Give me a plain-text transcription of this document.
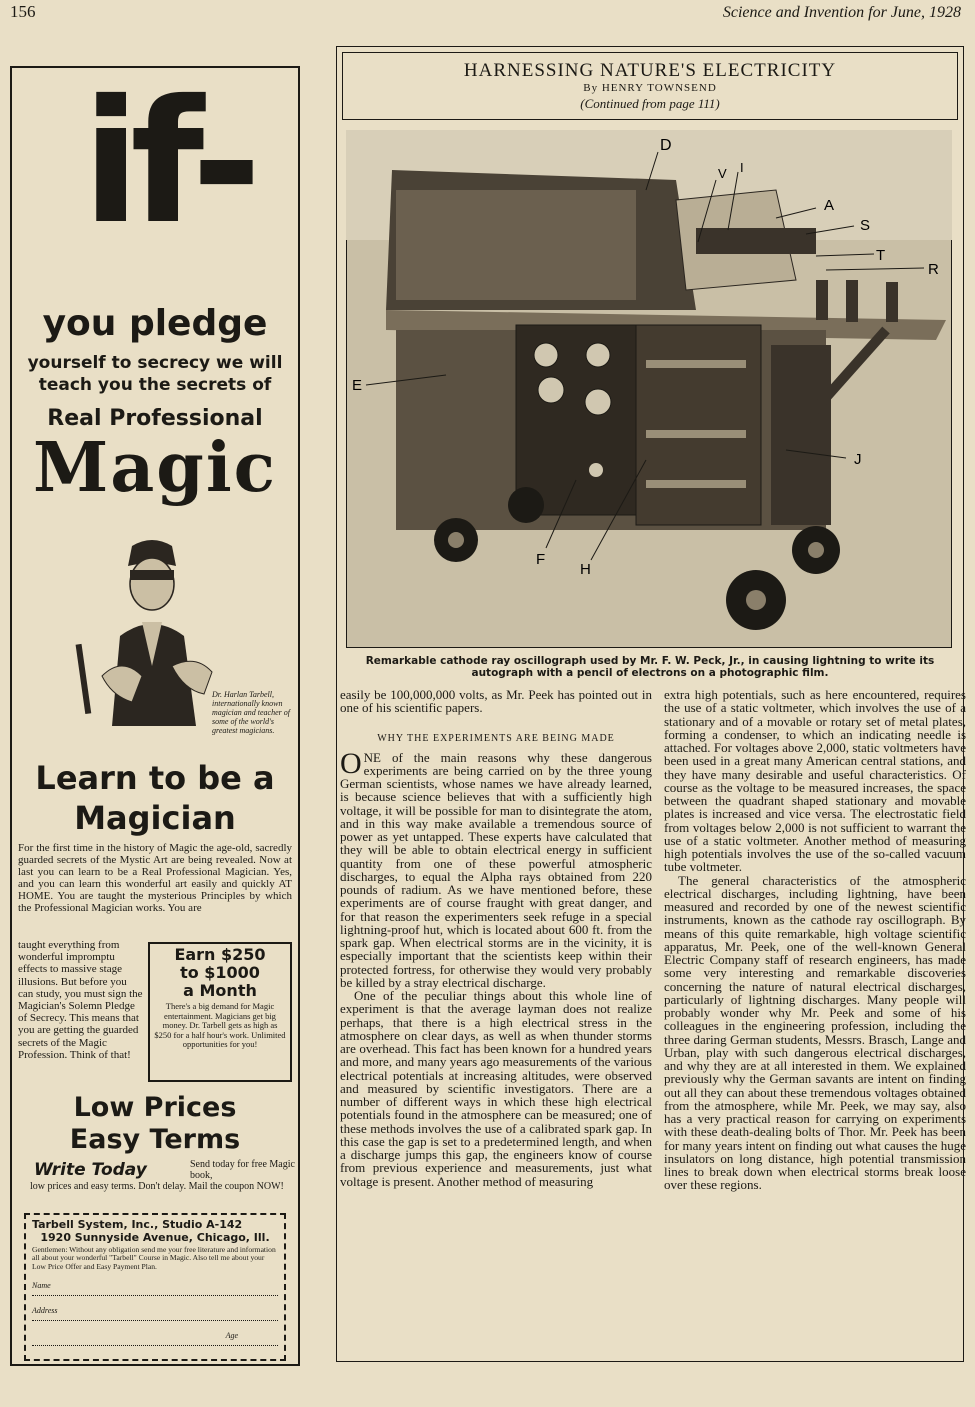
156	Science and Invention for June, 1928
if-
you pledge
yourself to secrecy we will
teach you the secrets of
Real Professional
Magic
Dr. Harlan Tarbell, internationally known magician and teacher of some of the world's greatest magicians.
Learn to be a
Magician
For the first time in the history of Magic the age-old, sacredly guarded secrets of the Mystic Art are being revealed. Now at last you can learn to be a Real Professional Magician. Yes, and you can learn this wonderful art easily and quickly AT HOME. You are taught the mysterious Principles by which the Professional Magician works. You are
taught everything from wonderful impromptu effects to massive stage illusions. But before you can study, you must sign the Magician's Solemn Pledge of Secrecy. This means that you are getting the guarded secrets of the Magic Profession. Think of that!
Earn $250
to $1000
a Month
There's a big demand for Magic entertainment. Magicians get big money. Dr. Tarbell gets as high as $250 for a half hour's work. Unlimited opportunities for you!
Low Prices
Easy Terms
Write Today	Send today for free Magic book,
low prices and easy terms. Don't delay. Mail the coupon NOW!
Tarbell System, Inc., Studio A-142
1920 Sunnyside Avenue, Chicago, Ill.
Gentlemen: Without any obligation send me your free literature and information all about your wonderful "Tarbell" Course in Magic. Also tell me about your Low Price Offer and Easy Payment Plan.
Name
Address
Age
HARNESSING NATURE'S ELECTRICITY
By HENRY TOWNSEND
(Continued from page 111)
D
V I
A
S
T
R
E
J
F
H
Remarkable cathode ray oscillograph used by Mr. F. W. Peck, Jr., in causing lightning to write its autograph with a pencil of electrons on a photographic film.

easily be 100,000,000 volts, as Mr. Peek has pointed out in one of his scientific papers.

WHY THE EXPERIMENTS ARE BEING MADE

ONE of the main reasons why these dangerous experiments are being carried on by the three young German scientists, whose names we have already learned, is because science believes that with a sufficiently high voltage, it will be possible for man to disintegrate the atom, and in this way make available a tremendous source of power as yet untapped. These experts have calculated that they will be able to obtain electrical energy in sufficient quantity from one of these powerful atmospheric discharges, to equal the Alpha rays obtained from 220 pounds of radium. As we have mentioned before, these experiments are of course fraught with great danger, and for that reason the experimenters seek refuge in a special lightning-proof hut, which is located about 600 ft. from the spark gap. When electrical storms are in the vicinity, it is especially important that the scientists keep within their protected fortress, for otherwise they would very probably be killed by a stray electrical discharge.

One of the peculiar things about this whole line of experiment is that the average layman does not realize perhaps, that there is a high electrical stress in the atmosphere on clear days, as well as when thunder storms are overhead. This fact has been known for a hundred years and more, and many years ago measurements of the various electrical potentials at increasing altitudes, were observed and measured by scientific investigators. There are a number of different ways in which these high electrical potentials found in the atmosphere can be measured; one of these methods involves the use of a calibrated spark gap. In this case the gap is set to a predetermined length, and when a discharge jumps this gap, the engineers know of course from previous experience and measurements, just what voltage is present. Another method of measuring

extra high potentials, such as here encountered, requires the use of a static voltmeter, which involves the use of a stationary and of a movable or rotary set of metal plates, forming a condenser, to which an indicating needle is attached. For voltages above 2,000, static voltmeters have been used in a great many American central stations, and they have many desirable and useful characteristics. Of course as the voltage to be measured increases, the space between the quadrant shaped stationary and movable plates is increased and vice versa. The electrostatic field from voltages below 2,000 is not sufficient to warrant the use of a static voltmeter. Another method of measuring high potentials involves the use of the so-called vacuum tube voltmeter.

The general characteristics of the atmospheric electrical discharges, including lightning, have been measured and recorded by one of the newest scientific instruments, known as the cathode ray oscillograph. By means of this quite remarkable, high voltage scientific apparatus, Mr. Peek, one of the well-known General Electric Company staff of research engineers, has made some very interesting and remarkable discoveries concerning the nature of natural electrical discharges, particularly of lightning discharges. Many people will probably wonder why Mr. Peek and some of his colleagues in the engineering profession, including the three daring German students, Messrs. Brasch, Lange and Urban, play with such dangerous electrical discharges, and why they are at all interested in them. We explained previously why the German savants are intent on finding out all they can about these tremendous voltages obtained from the atmosphere, while Mr. Peek, we may say, also has a very practical reason for carrying on experiments with these death-dealing bolts of Thor. Mr. Peek has been for many years intent on finding out what causes the huge insulators on long distance, high potential transmission lines to break down when electrical storms break loose over these regions.
